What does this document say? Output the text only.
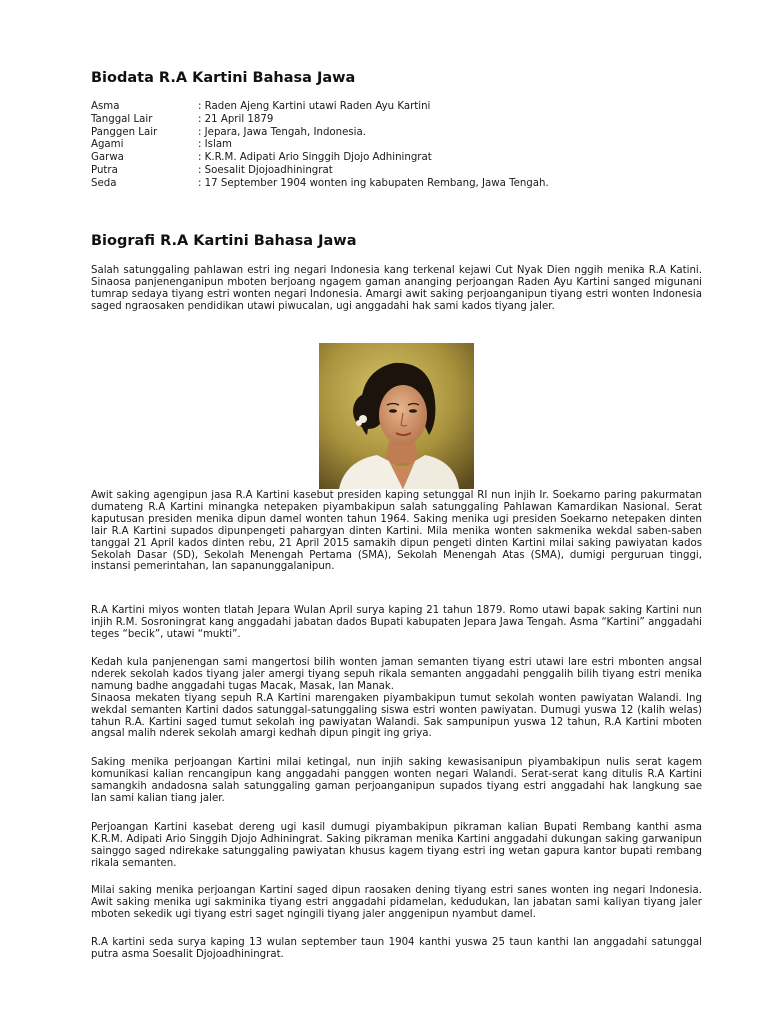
Biodata R.A Kartini Bahasa Jawa
Asma	: Raden Ajeng Kartini utawi Raden Ayu Kartini
Tanggal Lair	: 21 April 1879
Panggen Lair	: Jepara, Jawa Tengah, Indonesia.
Agami	: Islam
Garwa	: K.R.M. Adipati Ario Singgih Djojo Adhiningrat
Putra	: Soesalit Djojoadhiningrat
Seda	: 17 September 1904 wonten ing kabupaten Rembang, Jawa Tengah.
Biografi R.A Kartini Bahasa Jawa

Salah satunggaling pahlawan estri ing negari Indonesia kang terkenal kejawi Cut Nyak Dien nggih menika R.A Katini. Sinaosa panjenenganipun mboten berjoang ngagem gaman ananging perjoangan Raden Ayu Kartini sanged migunani tumrap sedaya tiyang estri wonten negari Indonesia. Amargi awit saking perjoanganipun tiyang estri wonten Indonesia saged ngraosaken pendidikan utawi piwucalan, ugi anggadahi hak sami kados tiyang jaler.

Awit saking agengipun jasa R.A Kartini kasebut presiden kaping setunggal RI nun injih Ir. Soekarno paring pakurmatan dumateng R.A Kartini minangka netepaken piyambakipun salah satunggaling Pahlawan Kamardikan Nasional. Serat kaputusan presiden menika dipun damel wonten tahun 1964. Saking menika ugi presiden Soekarno netepaken dinten lair R.A Kartini supados dipunpengeti pahargyan dinten Kartini. Mila menika wonten sakmenika wekdal saben-saben tanggal 21 April kados dinten rebu, 21 April 2015 samakih dipun pengeti dinten Kartini milai saking pawiyatan kados Sekolah Dasar (SD), Sekolah Menengah Pertama (SMA), Sekolah Menengah Atas (SMA), dumigi perguruan tinggi, instansi pemerintahan, lan sapanunggalanipun.

R.A Kartini miyos wonten tlatah Jepara Wulan April surya kaping 21 tahun 1879. Romo utawi bapak saking Kartini nun injih R.M. Sosroningrat kang anggadahi jabatan dados Bupati kabupaten Jepara Jawa Tengah. Asma “Kartini” anggadahi teges “becik”, utawi “mukti”.

Kedah kula panjenengan sami mangertosi bilih wonten jaman semanten tiyang estri utawi lare estri mbonten angsal nderek sekolah kados tiyang jaler amergi tiyang sepuh rikala semanten anggadahi penggalih bilih tiyang estri menika namung badhe anggadahi tugas Macak, Masak, lan Manak.
Sinaosa mekaten tiyang sepuh R.A Kartini marengaken piyambakipun tumut sekolah wonten pawiyatan Walandi. Ing wekdal semanten Kartini dados satunggal-satunggaling siswa estri wonten pawiyatan. Dumugi yuswa 12 (kalih welas) tahun R.A. Kartini saged tumut sekolah ing pawiyatan Walandi. Sak sampunipun yuswa 12 tahun, R.A Kartini mboten angsal malih nderek sekolah amargi kedhah dipun pingit ing griya.

Saking menika perjoangan Kartini milai ketingal, nun injih saking kewasisanipun piyambakipun nulis serat kagem komunikasi kalian rencangipun kang anggadahi panggen wonten negari Walandi. Serat-serat kang ditulis R.A Kartini samangkih andadosna salah satunggaling gaman perjoanganipun supados tiyang estri anggadahi hak langkung sae lan sami kalian tiang jaler.

Perjoangan Kartini kasebat dereng ugi kasil dumugi piyambakipun pikraman kalian Bupati Rembang kanthi asma K.R.M. Adipati Ario Singgih Djojo Adhiningrat. Saking pikraman menika Kartini anggadahi dukungan saking garwanipun sainggo saged ndirekake satunggaling pawiyatan khusus kagem tiyang estri ing wetan gapura kantor bupati rembang rikala semanten.

Milai saking menika perjoangan Kartini saged dipun raosaken dening tiyang estri sanes wonten ing negari Indonesia. Awit saking menika ugi sakminika tiyang estri anggadahi pidamelan, kedudukan, lan jabatan sami kaliyan tiyang jaler mboten sekedik ugi tiyang estri saget ngingili tiyang jaler anggenipun nyambut damel.

R.A kartini seda surya kaping 13 wulan september taun 1904 kanthi yuswa 25 taun kanthi lan anggadahi satunggal putra asma Soesalit Djojoadhiningrat.
